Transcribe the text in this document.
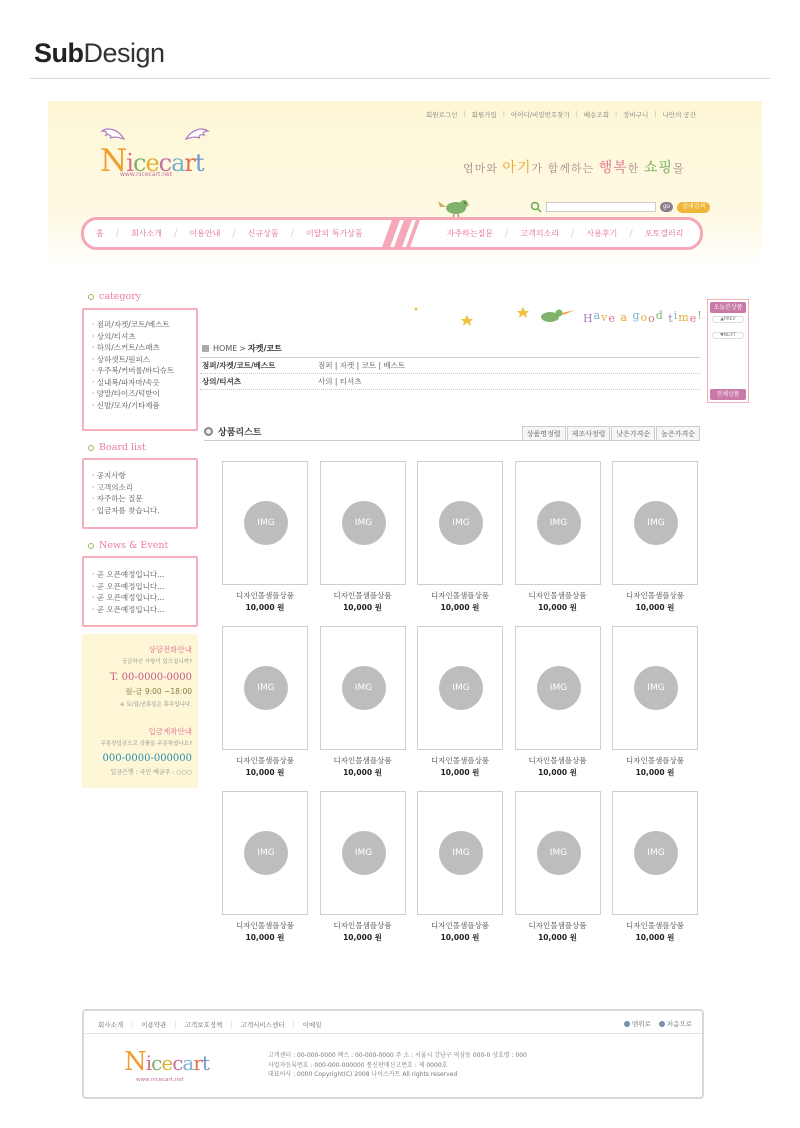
SubDesign
회원로그인 | 회원가입 | 아이디/비밀번호찾기 | 배송조회 | 장바구니 | 나만의 공간
Nicecart
www.nicecart.net	엄마와 아기가 함께하는 행복한 쇼핑몰
go	상세검색
홈	/	회사소개	/	이용안내	/	신규상품	/	이달의 특가상품	자주하는질문	/	고객의소리	/	사용후기	/	포토갤러리
category
· 점퍼/자켓/코트/베스트
· 상의/티셔츠
· 하의/스커트/스패츠
· 상하셋트/원피스
· 우주복/커버롤/바디슈트
· 실내복/파자마/속옷
· 양말/타이즈/턱받이
· 신발/모자/기타제품
Board list
· 공지사항
· 고객의소리
· 자주하는 질문
· 입금자를 찾습니다.
News & Event
· 곧 오픈예정입니다...
· 곧 오픈예정입니다...
· 곧 오픈예정입니다...
· 곧 오픈예정입니다...
상담전화안내
궁금하신 사항이 있으십니까?
T. 00-0000-0000
월-금 9:00 ~18:00
※ 토/일/공휴일은 휴무입니다.
입금계좌안내
무통장입금으로 상품을 주문하셨나요?
000-0000-000000
입금은행 : 국민 예금주 : ○○○
Have a good time!
오늘본상품
▲PREV
▼NEXT
전체상품
HOME > 자켓/코트
점퍼/자켓/코트/베스트	점퍼 | 자켓 | 코트 | 베스트
상의/티셔츠	사의 | 티셔츠
상품리스트	상품명정렬	제조사정렬	낮은가격순	높은가격순
IMG
디자인몰샘플상품
10,000 원
IMG
디자인몰샘플상품
10,000 원
IMG
디자인몰샘플상품
10,000 원
IMG
디자인몰샘플상품
10,000 원
IMG
디자인몰샘플상품
10,000 원
IMG
디자인몰샘플상품
10,000 원
IMG
디자인몰샘플상품
10,000 원
IMG
디자인몰샘플상품
10,000 원
IMG
디자인몰샘플상품
10,000 원
IMG
디자인몰샘플상품
10,000 원
IMG
디자인몰샘플상품
10,000 원
IMG
디자인몰샘플상품
10,000 원
IMG
디자인몰샘플상품
10,000 원
IMG
디자인몰샘플상품
10,000 원
IMG
디자인몰샘플상품
10,000 원
회사소개	|	이용약관	|	고객보호정책	|	고객서비스센터	|	이메일	맨위로	처음으로
Nicecart
www.nicecart.net
고객센터 : 00-000-0000 팩스 : 00-000-0000 주 소 : 서울시 강남구 역삼동 000-0 상호명 : 000
사업자등록번호 : 000-000-000000 통신판매신고번호 : 제 0000호
대표이사 : 0000 Copyright(C) 2008 나이스카트 All rights reserved
